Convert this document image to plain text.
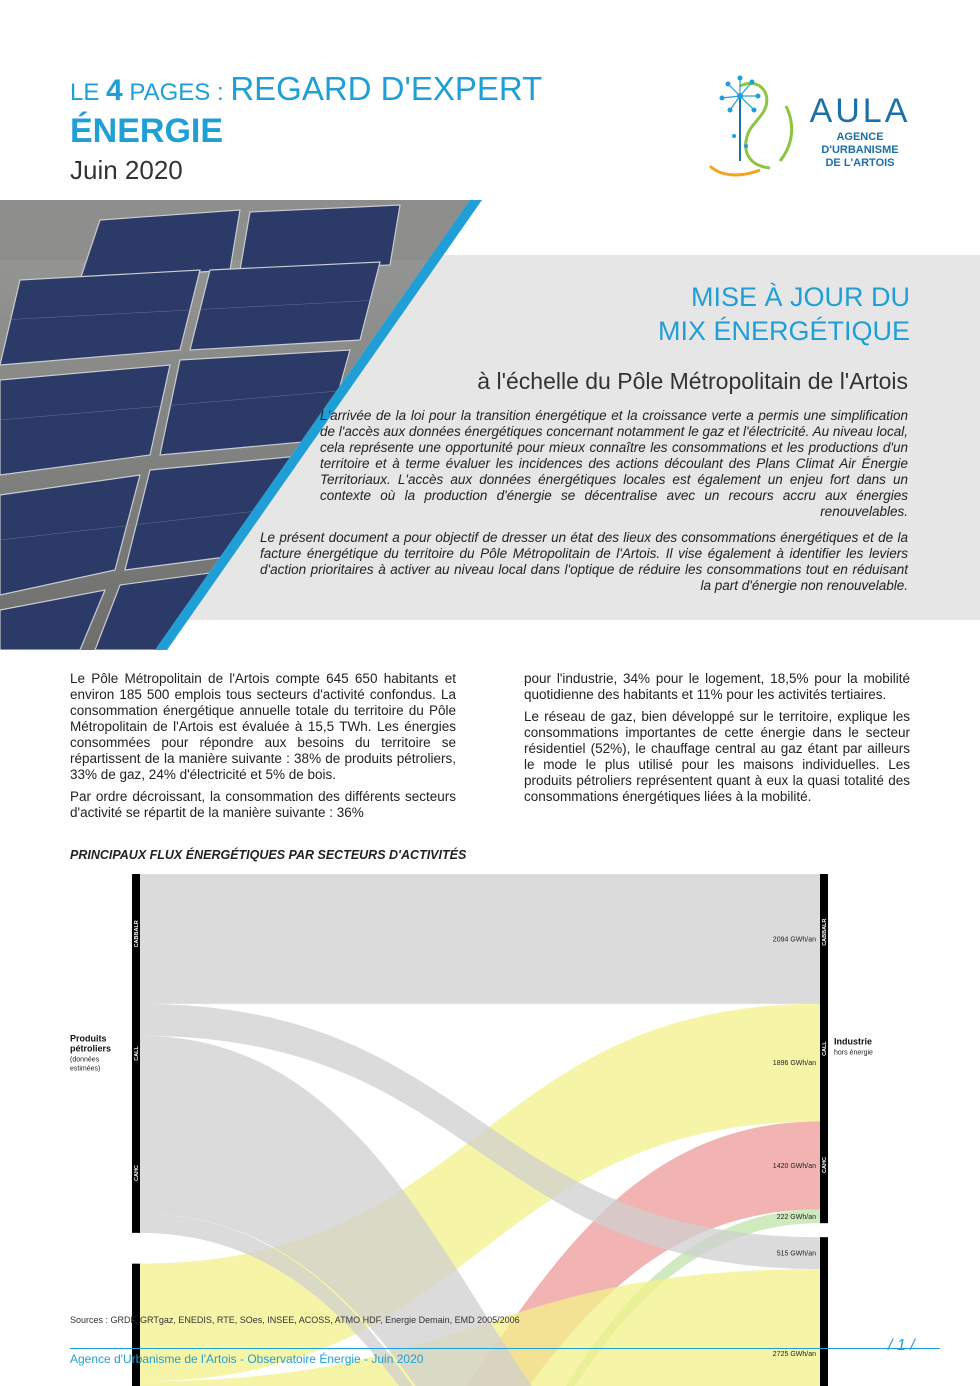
LE 4 PAGES : REGARD D'EXPERT
ÉNERGIE
Juin 2020
AULA
AGENCE D'URBANISME
DE L'ARTOIS
MISE À JOUR DU
MIX ÉNERGÉTIQUE
à l'échelle du Pôle Métropolitain de l'Artois
L'arrivée de la loi pour la transition énergétique et la croissance verte a permis une simplification de l'accès aux données énergétiques concernant notamment le gaz et l'électricité. Au niveau local, cela représente une opportunité pour mieux connaître les consommations et les productions d'un territoire et à terme évaluer les incidences des actions découlant des Plans Climat Air Énergie Territoriaux. L'accès aux données énergétiques locales est également un enjeu fort dans un contexte où la production d'énergie se décentralise avec un recours accru aux énergies renouvelables.
Le présent document a pour objectif de dresser un état des lieux des consommations énergétiques et de la facture énergétique du territoire du Pôle Métropolitain de l'Artois. Il vise également à identifier les leviers d'action prioritaires à activer au niveau local dans l'optique de réduire les consommations tout en réduisant la part d'énergie non renouvelable.

Le Pôle Métropolitain de l'Artois compte 645 650 habitants et environ 185 500 emplois tous secteurs d'activité confondus. La consommation énergétique annuelle totale du territoire du Pôle Métropolitain de l'Artois est évaluée à 15,5 TWh. Les énergies consommées pour répondre aux besoins du territoire se répartissent de la manière suivante : 38% de produits pétroliers, 33% de gaz, 24% d'électricité et 5% de bois.

Par ordre décroissant, la consommation des différents secteurs d'activité se répartit de la manière suivante : 36%

pour l'industrie, 34% pour le logement, 18,5% pour la mobilité quotidienne des habitants et 11% pour les activités tertiaires.

Le réseau de gaz, bien développé sur le territoire, explique les consommations importantes de cette énergie dans le secteur résidentiel (52%), le chauffage central au gaz étant par ailleurs le mode le plus utilisé pour les maisons individuelles. Les produits pétroliers représentent quant à eux la quasi totalité des consommations énergétiques liées à la mobilité.

PRINCIPAUX FLUX ÉNERGÉTIQUES PAR SECTEURS D'ACTIVITÉS
2094 GWh/an
1896 GWh/an
1420 GWh/an
222 GWh/an
515 GWh/an
2725 GWh/an
Produits
pétroliers
(données
estimées)
CABBALR
CALL
CAHC
Industrie
hors énergie
CABBALR
CALL
CAHC
Sources : GRDF, GRTgaz, ENEDIS, RTE, SOes, INSEE, ACOSS, ATMO HDF, Energie Demain, EMD 2005/2006
Agence d'Urbanisme de l'Artois - Observatoire Énergie - Juin 2020
/ 1 /
